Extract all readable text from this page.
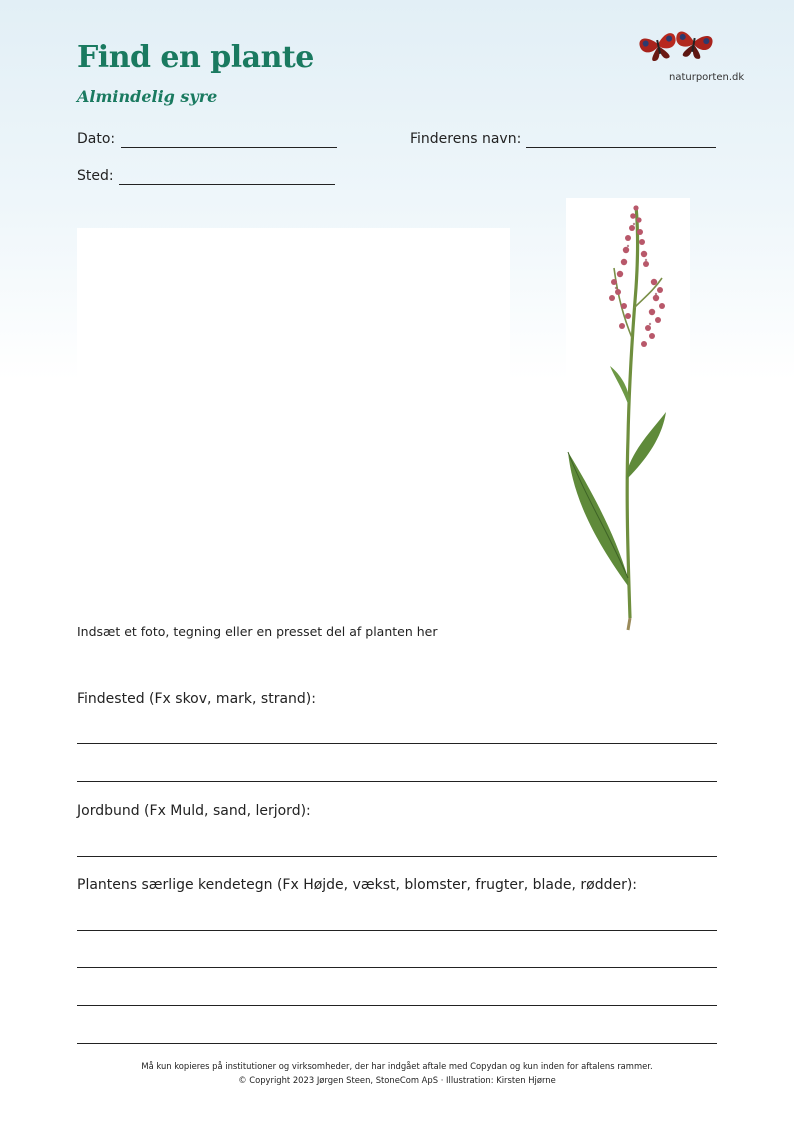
Find en plante
Almindelig syre
naturporten.dk
Dato:	Finderens navn:
Sted:
Indsæt et foto, tegning eller en presset del af planten her
Findested (Fx skov, mark, strand):
Jordbund (Fx Muld, sand, lerjord):
Plantens særlige kendetegn (Fx Højde, vækst, blomster, frugter, blade, rødder):
Må kun kopieres på institutioner og virksomheder, der har indgået aftale med Copydan og kun inden for aftalens rammer.
© Copyright 2023 Jørgen Steen, StoneCom ApS · Illustration: Kirsten Hjørne
